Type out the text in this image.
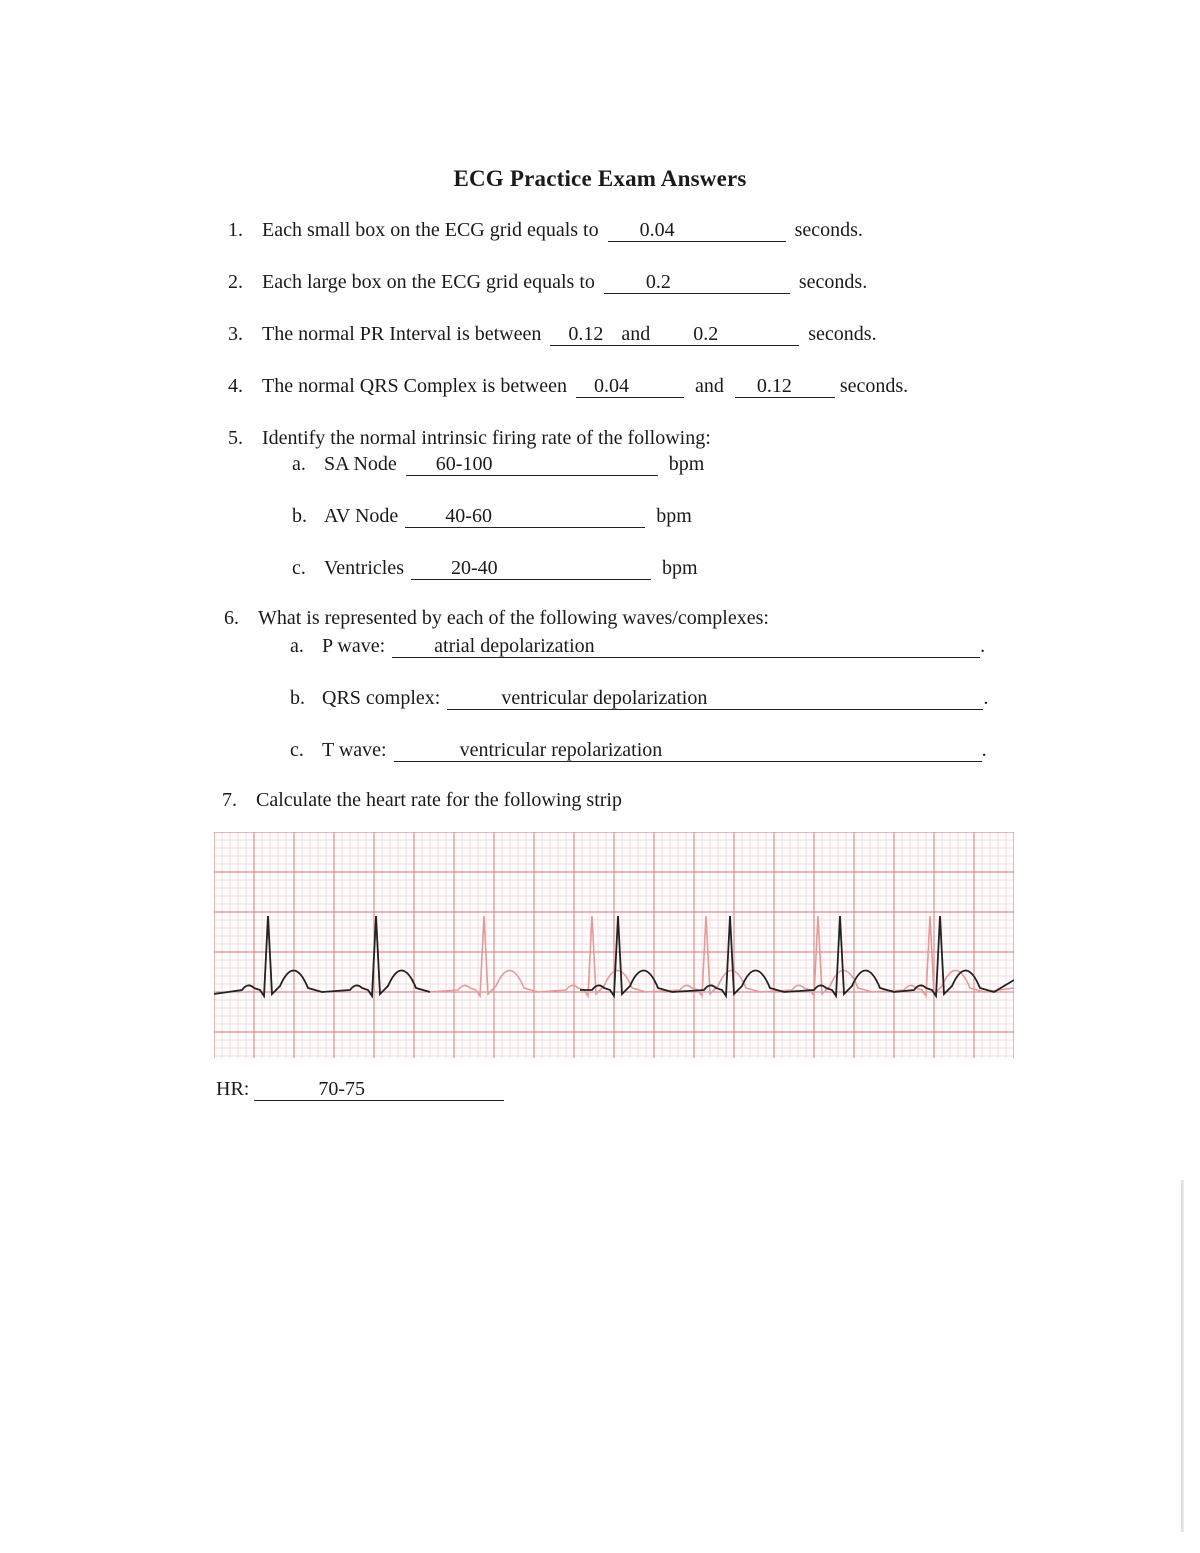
ECG Practice Exam Answers
1. Each small box on the ECG grid equals to 0.04	seconds.
2. Each large box on the ECG grid equals to	0.2	seconds.
3. The normal PR Interval is between 0.12 and 0.2	seconds.
4. The normal QRS Complex is between 0.04	and 0.12 seconds.
5. Identify the normal intrinsic firing rate of the following:
a. SA Node 60-100	bpm
b. AV Node 40-60	bpm
c. Ventricles 20-40	bpm
6. What is represented by each of the following waves/complexes:
a. P wave: atrial depolarization	.
b. QRS complex:	ventricular depolarization	.
c. T wave:	ventricular repolarization	.
7. Calculate the heart rate for the following strip
HR:	70-75
